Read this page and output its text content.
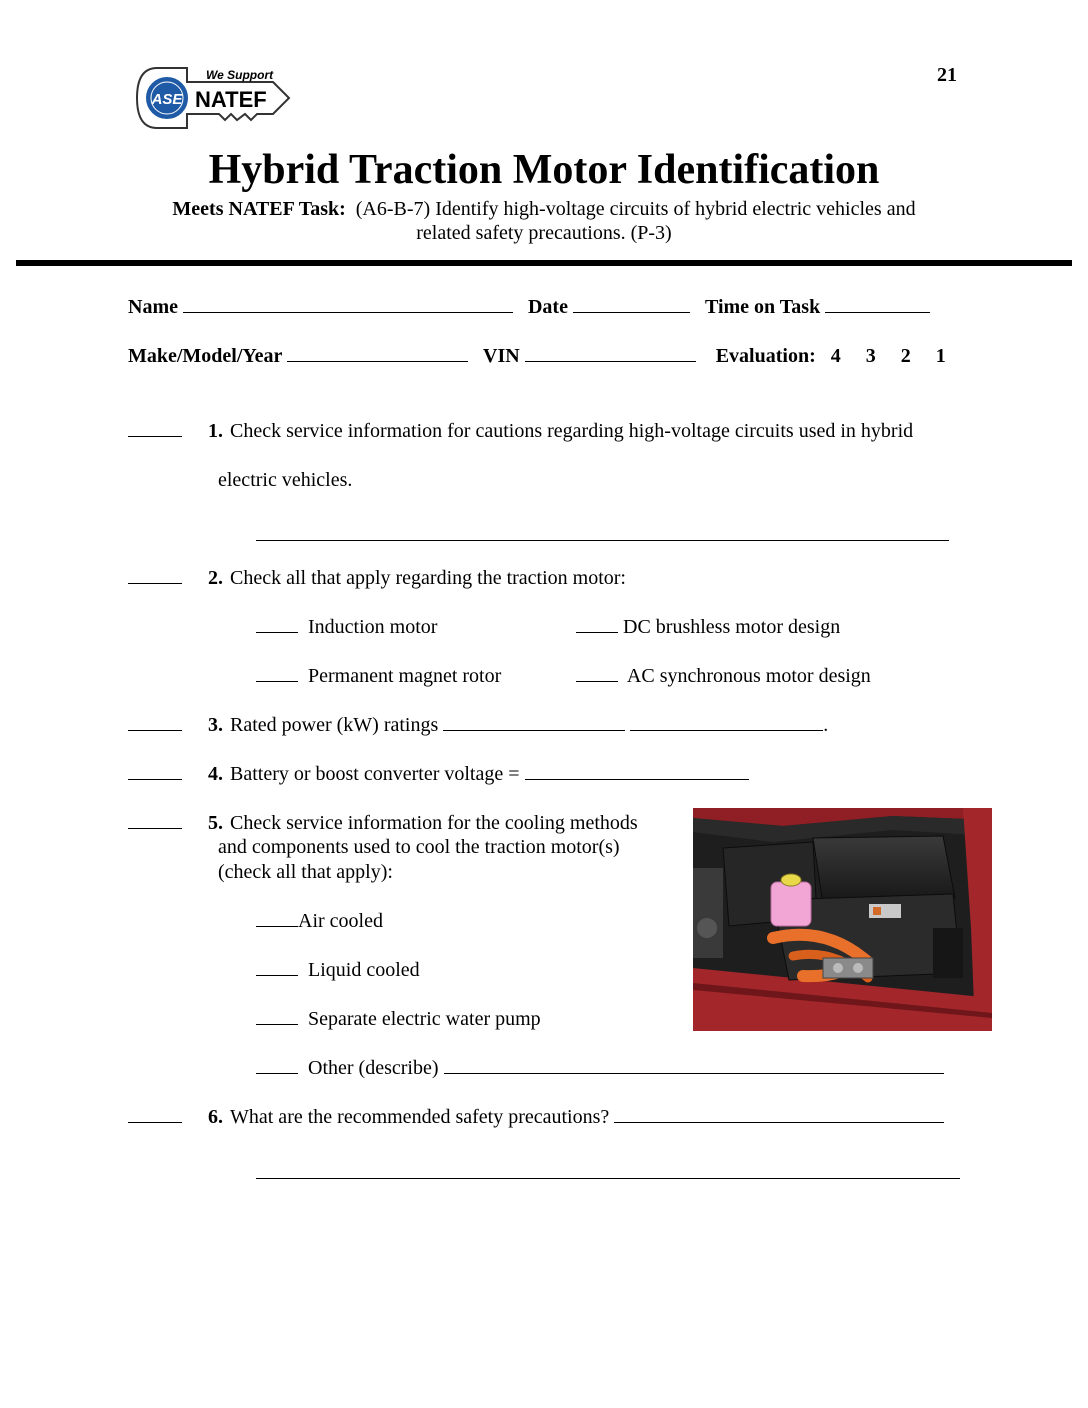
21
ASE
We Support
NATEF
Hybrid Traction Motor Identification
Meets NATEF Task: (A6-B-7) Identify high-voltage circuits of hybrid electric vehicles and
related safety precautions. (P-3)
Name	Date	Time on Task
Make/Model/Year	VIN	Evaluation: 4 3 2 1
1. Check service information for cautions regarding high-voltage circuits used in hybrid
electric vehicles.
2. Check all that apply regarding the traction motor:
Induction motor	DC brushless motor design
Permanent magnet rotor	AC synchronous motor design
3. Rated power (kW) ratings	.
4. Battery or boost converter voltage =
5. Check service information for the cooling methods
and components used to cool the traction motor(s)
(check all that apply):
Air cooled
Liquid cooled
Separate electric water pump
Other (describe)
6. What are the recommended safety precautions?
